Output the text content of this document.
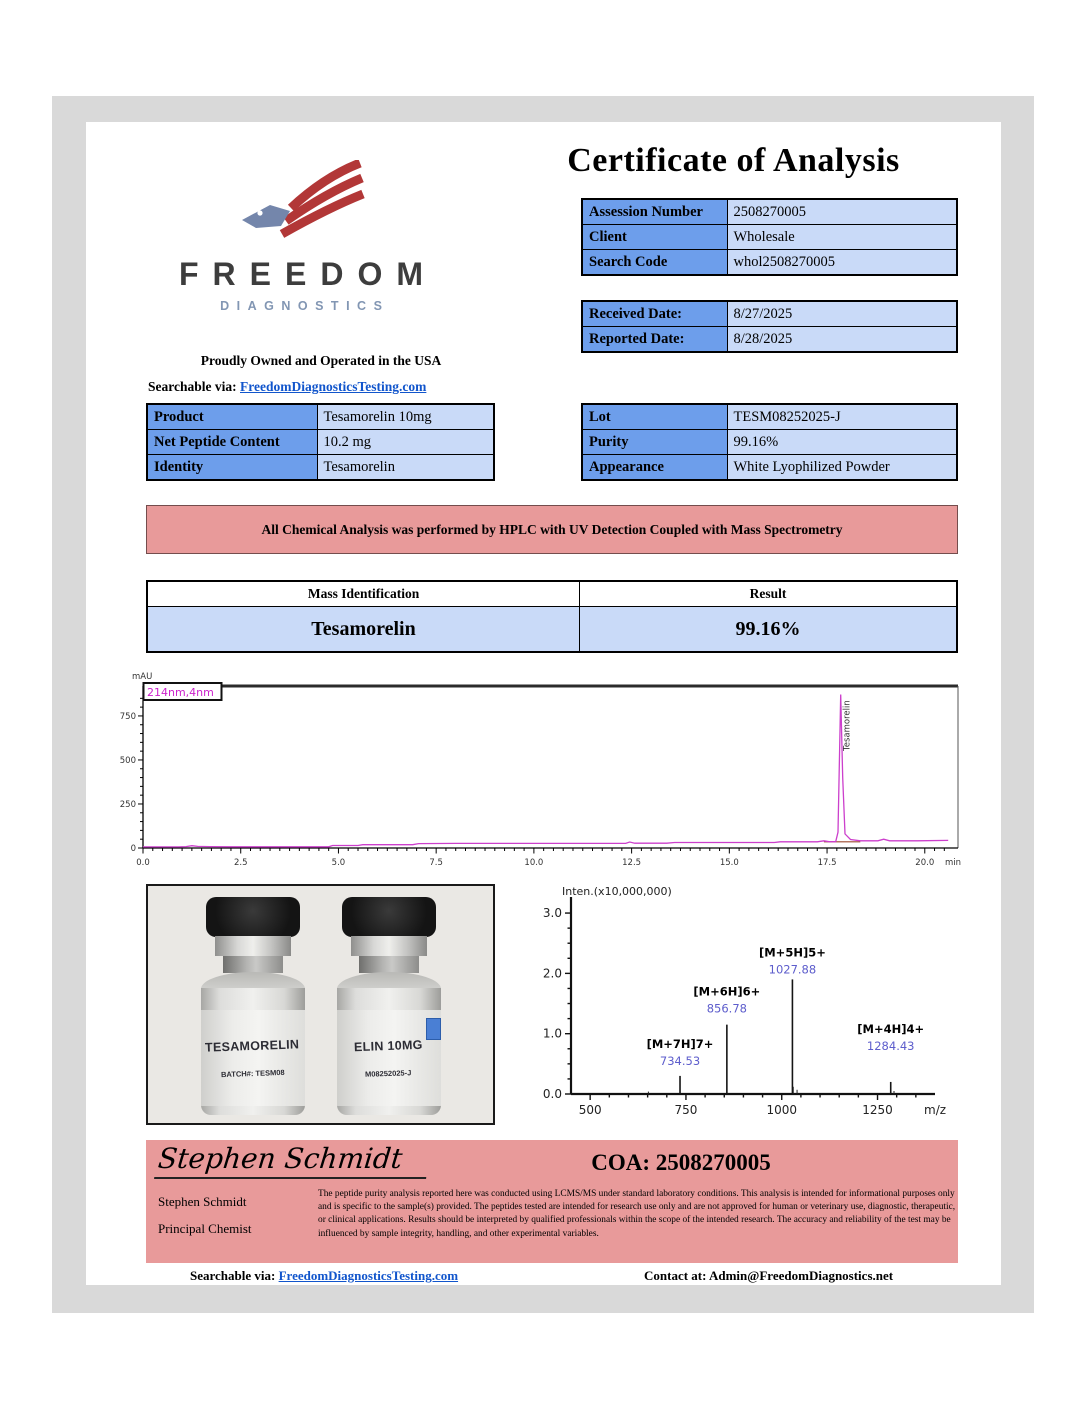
FREEDOM
DIAGNOSTICS
Proudly Owned and Operated in the USA
Searchable via: FreedomDiagnosticsTesting.com
Certificate of Analysis
Assession Number	2508270005
Client	Wholesale
Search Code	whol2508270005
Received Date:	8/27/2025
Reported Date:	8/28/2025
Product	Tesamorelin 10mg
Net Peptide Content	10.2 mg
Identity	Tesamorelin
Lot	TESM08252025-J
Purity	99.16%
Appearance	White Lyophilized Powder
All Chemical Analysis was performed by HPLC with UV Detection Coupled with Mass Spectrometry
Mass Identification	Result
Tesamorelin	99.16%
0
250
500
750
0.0	2.5	5.0	7.5	10.0	12.5	15.0	17.5	20.0 min
mAU
214nm,4nm
Tesamorelin
TESAMORELIN
BATCH#: TESM08
ELIN 10MG
M08252025-J
0.0
1.0
2.0
3.0
500	750	1000	1250	m/z
Inten.(x10,000,000)
734.53
[M+7H]7+
856.78
[M+6H]6+
1027.88
[M+5H]5+
1284.43
[M+4H]4+
Stephen Schmidt	COA: 2508270005
Stephen Schmidt
Principal Chemist
The peptide purity analysis reported here was conducted using LCMS/MS under standard laboratory conditions. This analysis is intended for informational purposes only and is specific to the sample(s) provided. The peptides tested are intended for research use only and are not approved for human or veterinary use, diagnostic, therapeutic, or clinical applications. Results should be interpreted by qualified professionals within the scope of the intended research. The accuracy and reliability of the test may be influenced by sample integrity, handling, and other experimental variables.
Searchable via: FreedomDiagnosticsTesting.com	Contact at: Admin@FreedomDiagnostics.net
